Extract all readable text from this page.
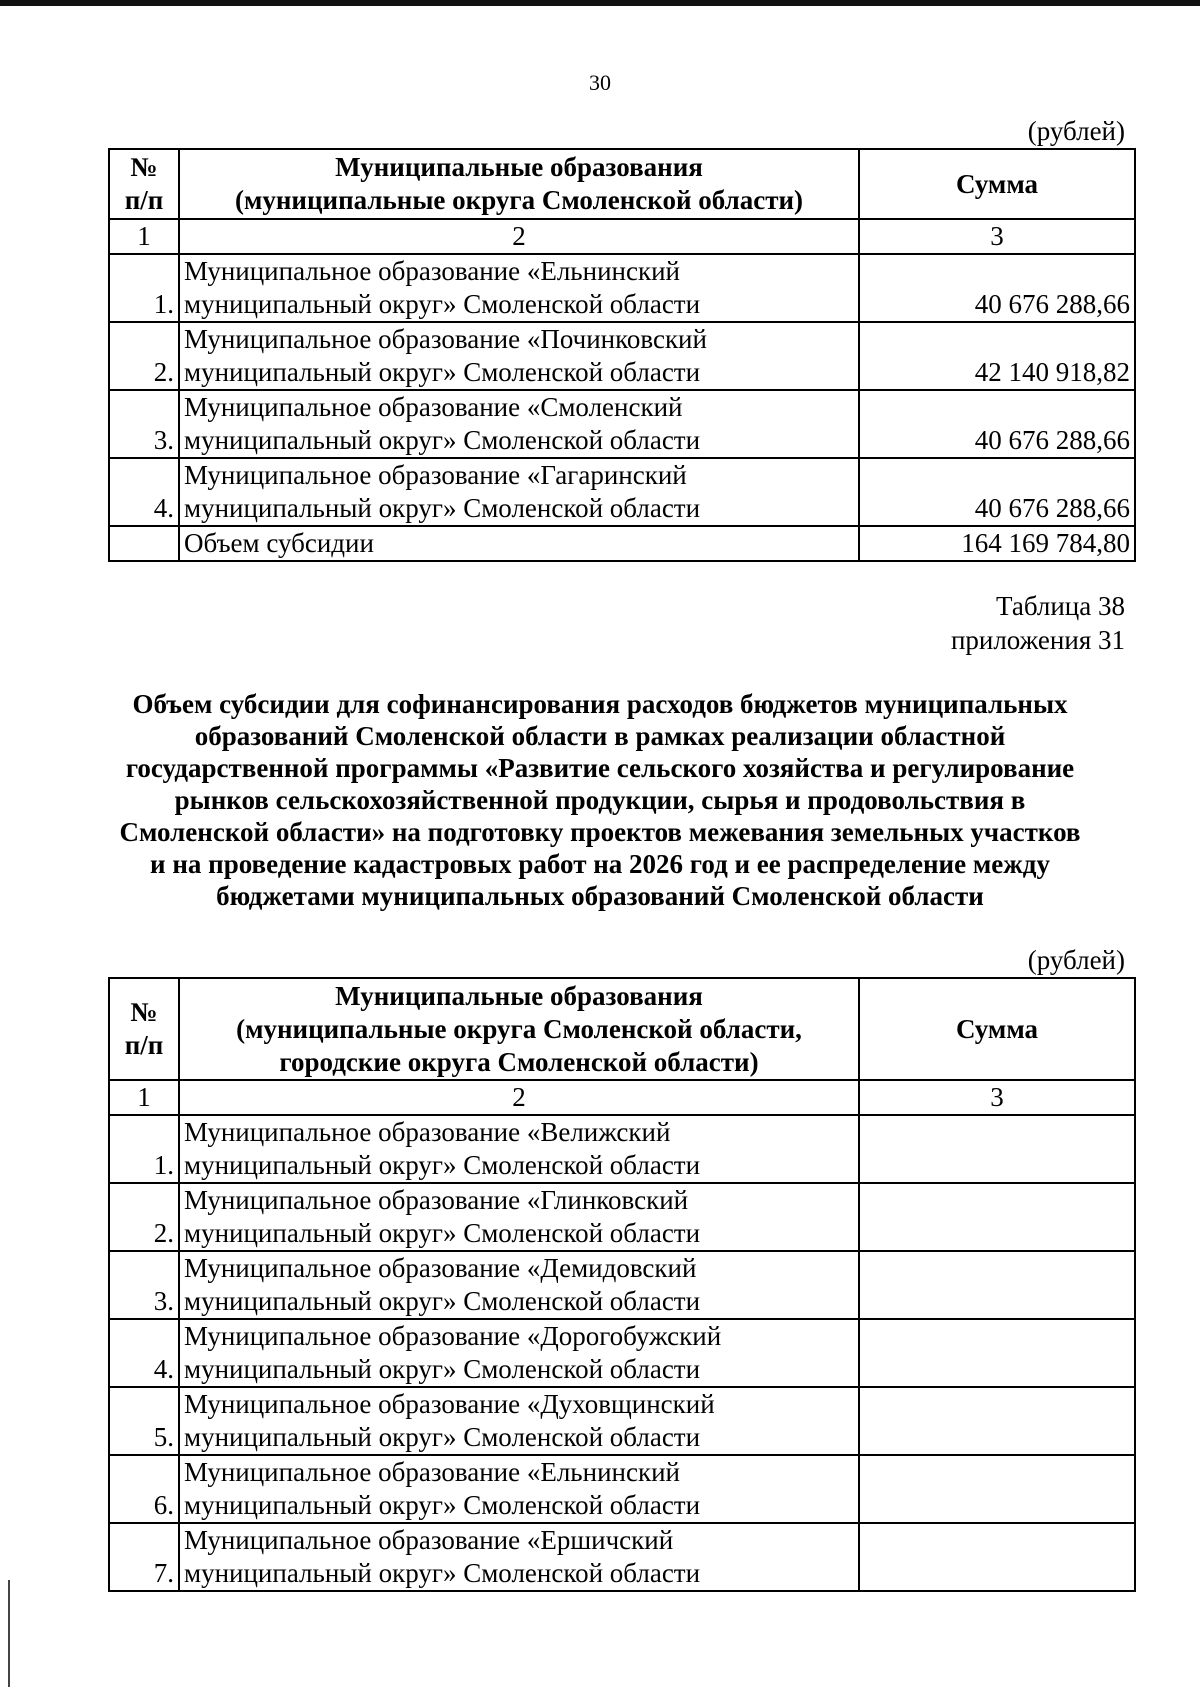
30
(рублей)
№
п/п	Муниципальные образования
(муниципальные округа Смоленской области)	Сумма
1	2	3
1.	Муниципальное образование «Ельнинский
муниципальный округ» Смоленской области	40 676 288,66
2.	Муниципальное образование «Починковский
муниципальный округ» Смоленской области	42 140 918,82
3.	Муниципальное образование «Смоленский
муниципальный округ» Смоленской области	40 676 288,66
4.	Муниципальное образование «Гагаринский
муниципальный округ» Смоленской области	40 676 288,66
	Объем субсидии	164 169 784,80
Таблица 38
приложения 31
Объем субсидии для софинансирования расходов бюджетов муниципальных
образований Смоленской области в рамках реализации областной
государственной программы «Развитие сельского хозяйства и регулирование
рынков сельскохозяйственной продукции, сырья и продовольствия в
Смоленской области» на подготовку проектов межевания земельных участков
и на проведение кадастровых работ на 2026 год и ее распределение между
бюджетами муниципальных образований Смоленской области
(рублей)
№
п/п	Муниципальные образования
(муниципальные округа Смоленской области,
городские округа Смоленской области)	Сумма
1	2	3
1.	Муниципальное образование «Велижский
муниципальный округ» Смоленской области	
2.	Муниципальное образование «Глинковский
муниципальный округ» Смоленской области	
3.	Муниципальное образование «Демидовский
муниципальный округ» Смоленской области	
4.	Муниципальное образование «Дорогобужский
муниципальный округ» Смоленской области	
5.	Муниципальное образование «Духовщинский
муниципальный округ» Смоленской области	
6.	Муниципальное образование «Ельнинский
муниципальный округ» Смоленской области	
7.	Муниципальное образование «Ершичский
муниципальный округ» Смоленской области	
